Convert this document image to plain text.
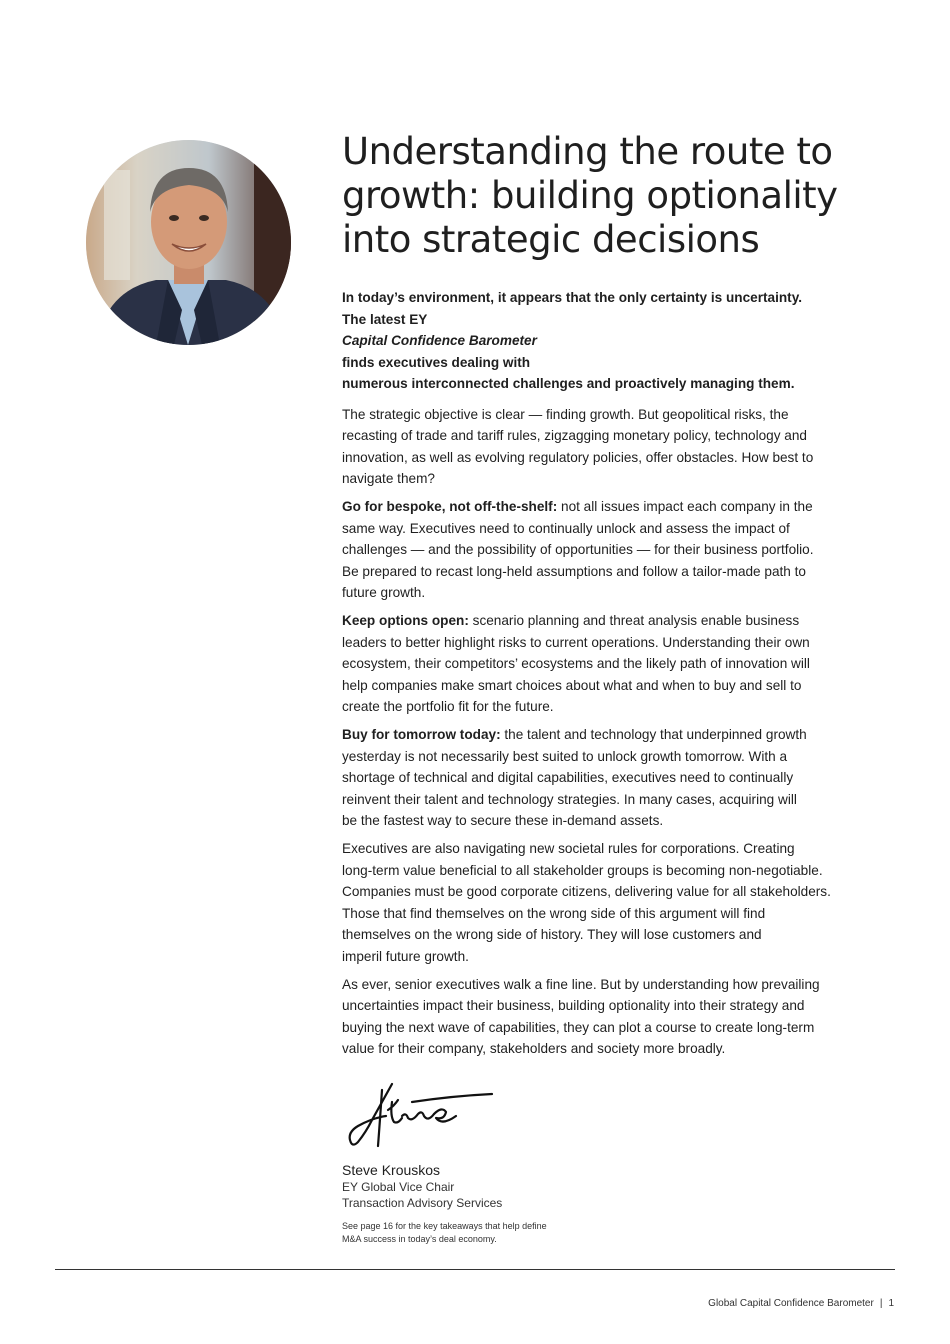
Understanding the route to
growth: building optionality
into strategic decisions

In today’s environment, it appears that the only certainty is uncertainty.
The latest EY
Capital Confidence Barometer
finds executives dealing with
numerous interconnected challenges and proactively managing them.

The strategic objective is clear — finding growth. But geopolitical risks, the
recasting of trade and tariff rules, zigzagging monetary policy, technology and
innovation, as well as evolving regulatory policies, offer obstacles. How best to
navigate them?

Go for bespoke, not off-the-shelf: not all issues impact each company in the
same way. Executives need to continually unlock and assess the impact of
challenges — and the possibility of opportunities — for their business portfolio.
Be prepared to recast long-held assumptions and follow a tailor-made path to
future growth.

Keep options open: scenario planning and threat analysis enable business
leaders to better highlight risks to current operations. Understanding their own
ecosystem, their competitors’ ecosystems and the likely path of innovation will
help companies make smart choices about what and when to buy and sell to
create the portfolio fit for the future.

Buy for tomorrow today: the talent and technology that underpinned growth
yesterday is not necessarily best suited to unlock growth tomorrow. With a
shortage of technical and digital capabilities, executives need to continually
reinvent their talent and technology strategies. In many cases, acquiring will
be the fastest way to secure these in-demand assets.

Executives are also navigating new societal rules for corporations. Creating
long-term value beneficial to all stakeholder groups is becoming non-negotiable.
Companies must be good corporate citizens, delivering value for all stakeholders.
Those that find themselves on the wrong side of this argument will find
themselves on the wrong side of history. They will lose customers and
imperil future growth.

As ever, senior executives walk a fine line. But by understanding how prevailing
uncertainties impact their business, building optionality into their strategy and
buying the next wave of capabilities, they can plot a course to create long-term
value for their company, stakeholders and society more broadly.

Steve Krouskos
EY Global Vice Chair
Transaction Advisory Services
See page 16 for the key takeaways that help define
M&A success in today’s deal economy.
Global Capital Confidence Barometer | 1
